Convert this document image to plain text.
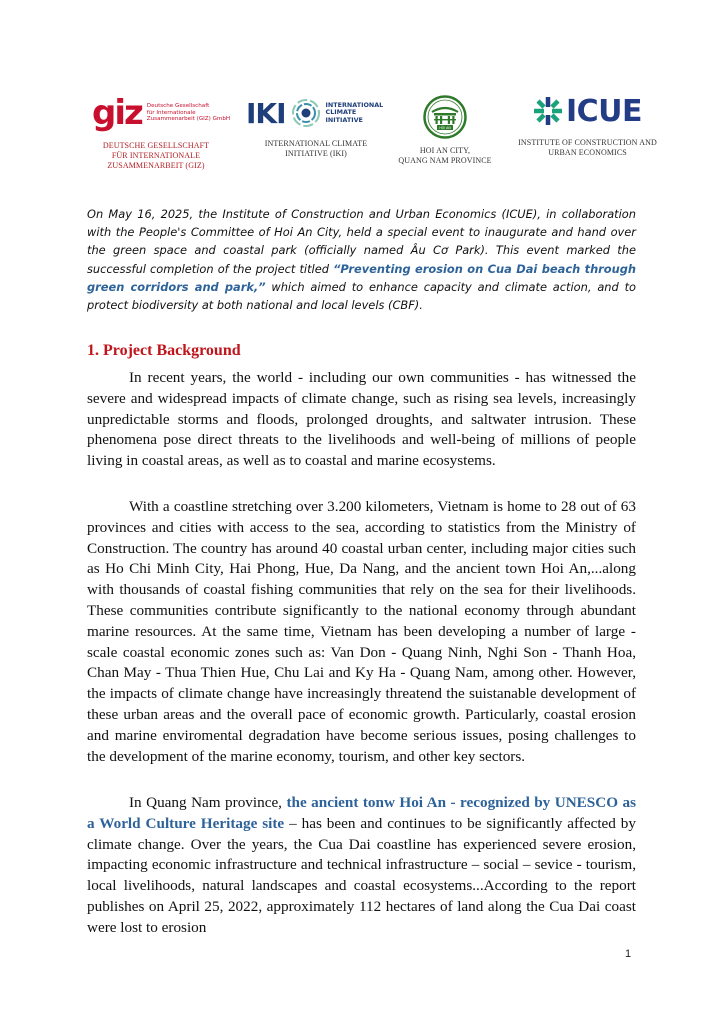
giz Deutsche Gesellschaft
für Internationale
Zusammenarbeit (GIZ) GmbH
DEUTSCHE GESELLSCHAFT
FÜR INTERNATIONALE
ZUSAMMENARBEIT (GIZ)
IKI	INTERNATIONAL
CLIMATE
INITIATIVE
INTERNATIONAL CLIMATE
INITIATIVE (IKI)
HỘI AN
HOI AN CITY,
QUANG NAM PROVINCE
ICUE
INSTITUTE OF CONSTRUCTION AND
URBAN ECONOMICS

On May 16, 2025, the Institute of Construction and Urban Economics (ICUE), in collaboration with the People's Committee of Hoi An City, held a special event to inaugurate and hand over the green space and coastal park (officially named Âu Cơ Park). This event marked the successful completion of the project titled “Preventing erosion on Cua Dai beach through green corridors and park,” which aimed to enhance capacity and climate action, and to protect biodiversity at both national and local levels (CBF).

1. Project Background

In recent years, the world - including our own communities - has witnessed the severe and widespread impacts of climate change, such as rising sea levels, increasingly unpredictable storms and floods, prolonged droughts, and saltwater intrusion. These phenomena pose direct threats to the livelihoods and well-being of millions of people living in coastal areas, as well as to coastal and marine ecosystems.

With a coastline stretching over 3.200 kilometers, Vietnam is home to 28 out of 63 provinces and cities with access to the sea, according to statistics from the Ministry of Construction. The country has around 40 coastal urban center, including major cities such as Ho Chi Minh City, Hai Phong, Hue, Da Nang, and the ancient town Hoi An,...along with thousands of coastal fishing communities that rely on the sea for their livelihoods. These communities contribute significantly to the national economy through abundant marine resources. At the same time, Vietnam has been developing a number of large - scale coastal economic zones such as: Van Don - Quang Ninh, Nghi Son - Thanh Hoa, Chan May - Thua Thien Hue, Chu Lai and Ky Ha - Quang Nam, among other. However, the impacts of climate change have increasingly threatend the suistanable development of these urban areas and the overall pace of economic growth. Particularly, coastal erosion and marine enviromental degradation have become serious issues, posing challenges to the development of the marine economy, tourism, and other key sectors.

In Quang Nam province, the ancient tonw Hoi An - recognized by UNESCO as a World Culture Heritage site – has been and continues to be significantly affected by climate change. Over the years, the Cua Dai coastline has experienced severe erosion, impacting economic infrastructure and technical infrastructure – social – sevice - tourism, local livelihoods, natural landscapes and coastal ecosystems...According to the report publishes on April 25, 2022, approximately 112 hectares of land along the Cua Dai coast were lost to erosion

1
